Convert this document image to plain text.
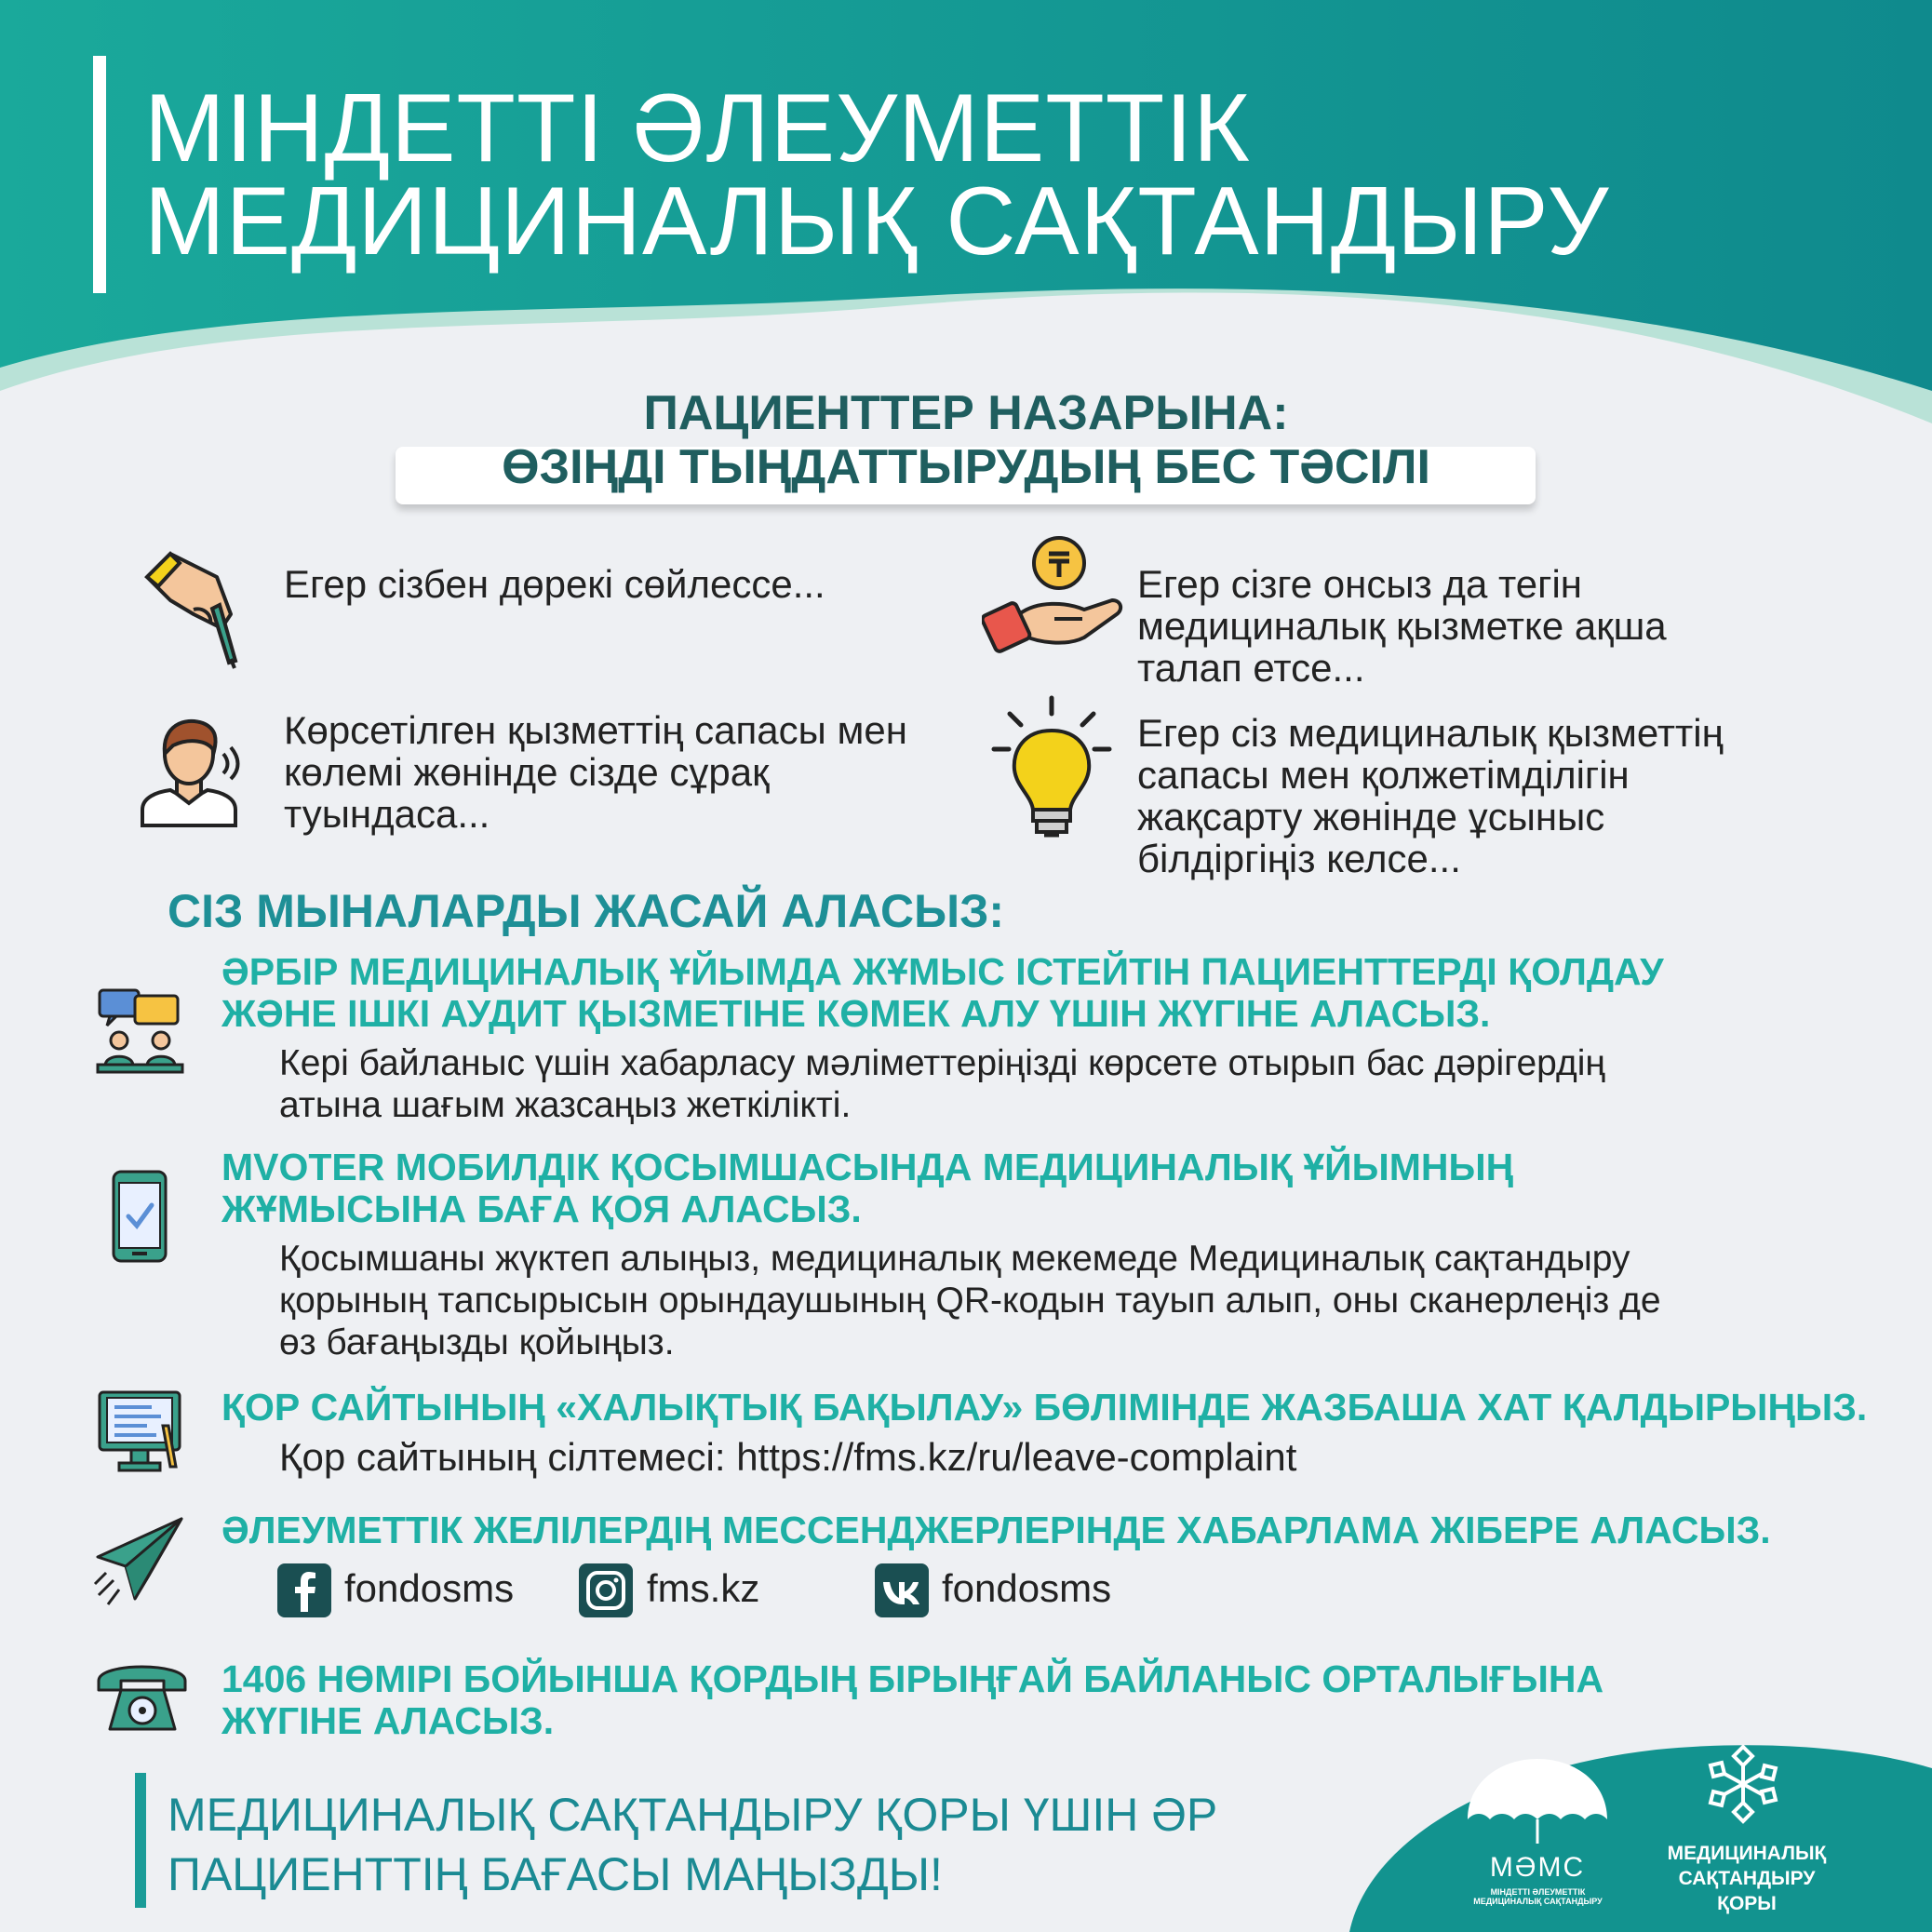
МІНДЕТТІ ӘЛЕУМЕТТІК
МЕДИЦИНАЛЫҚ САҚТАНДЫРУ
ПАЦИЕНТТЕР НАЗАРЫНА:
ӨЗІҢДІ ТЫҢДАТТЫРУДЫҢ БЕС ТӘСІЛІ
Егер сізбен дөрекі сөйлессе...	Егер сізге онсыз да тегін
медициналық қызметке ақша
талап етсе...
Көрсетілген қызметтің сапасы мен
көлемі жөнінде сізде сұрақ
туындаса...
Егер сіз медициналық қызметтің
сапасы мен қолжетімділігін
жақсарту жөнінде ұсыныс
білдіргіңіз келсе...
СІЗ МЫНАЛАРДЫ ЖАСАЙ АЛАСЫЗ:
ӘРБІР МЕДИЦИНАЛЫҚ ҰЙЫМДА ЖҰМЫС ІСТЕЙТІН ПАЦИЕНТТЕРДІ ҚОЛДАУ
ЖӘНЕ ІШКІ АУДИТ ҚЫЗМЕТІНЕ КӨМЕК АЛУ ҮШІН ЖҮГІНЕ АЛАСЫЗ.
Кері байланыс үшін хабарласу мәліметтеріңізді көрсете отырып бас дәрігердің
атына шағым жазсаңыз жеткілікті.
MVOTER МОБИЛДІК ҚОСЫМШАСЫНДА МЕДИЦИНАЛЫҚ ҰЙЫМНЫҢ
ЖҰМЫСЫНА БАҒА ҚОЯ АЛАСЫЗ.
Қосымшаны жүктеп алыңыз, медициналық мекемеде Медициналық сақтандыру
қорының тапсырысын орындаушының QR-кодын тауып алып, оны сканерлеңіз де
өз бағаңызды қойыңыз.
ҚОР САЙТЫНЫҢ «ХАЛЫҚТЫҚ БАҚЫЛАУ» БӨЛІМІНДЕ ЖАЗБАША ХАТ ҚАЛДЫРЫҢЫЗ.
Қор сайтының сілтемесі: https://fms.kz/ru/leave-complaint
ӘЛЕУМЕТТІК ЖЕЛІЛЕРДІҢ МЕССЕНДЖЕРЛЕРІНДЕ ХАБАРЛАМА ЖІБЕРЕ АЛАСЫЗ.
fondosms	fms.kz	fondosms
1406 НӨМІРІ БОЙЫНША ҚОРДЫҢ БІРЫҢҒАЙ БАЙЛАНЫС ОРТАЛЫҒЫНА
ЖҮГІНЕ АЛАСЫЗ.
МӘМС
МІНДЕТТІ ӘЛЕУМЕТТІК
МЕДИЦИНАЛЫҚ САҚТАНДЫРУ
МЕДИЦИНАЛЫҚ
САҚТАНДЫРУ
ҚОРЫ
МЕДИЦИНАЛЫҚ САҚТАНДЫРУ ҚОРЫ ҮШІН ӘР
ПАЦИЕНТТІҢ БАҒАСЫ МАҢЫЗДЫ!
